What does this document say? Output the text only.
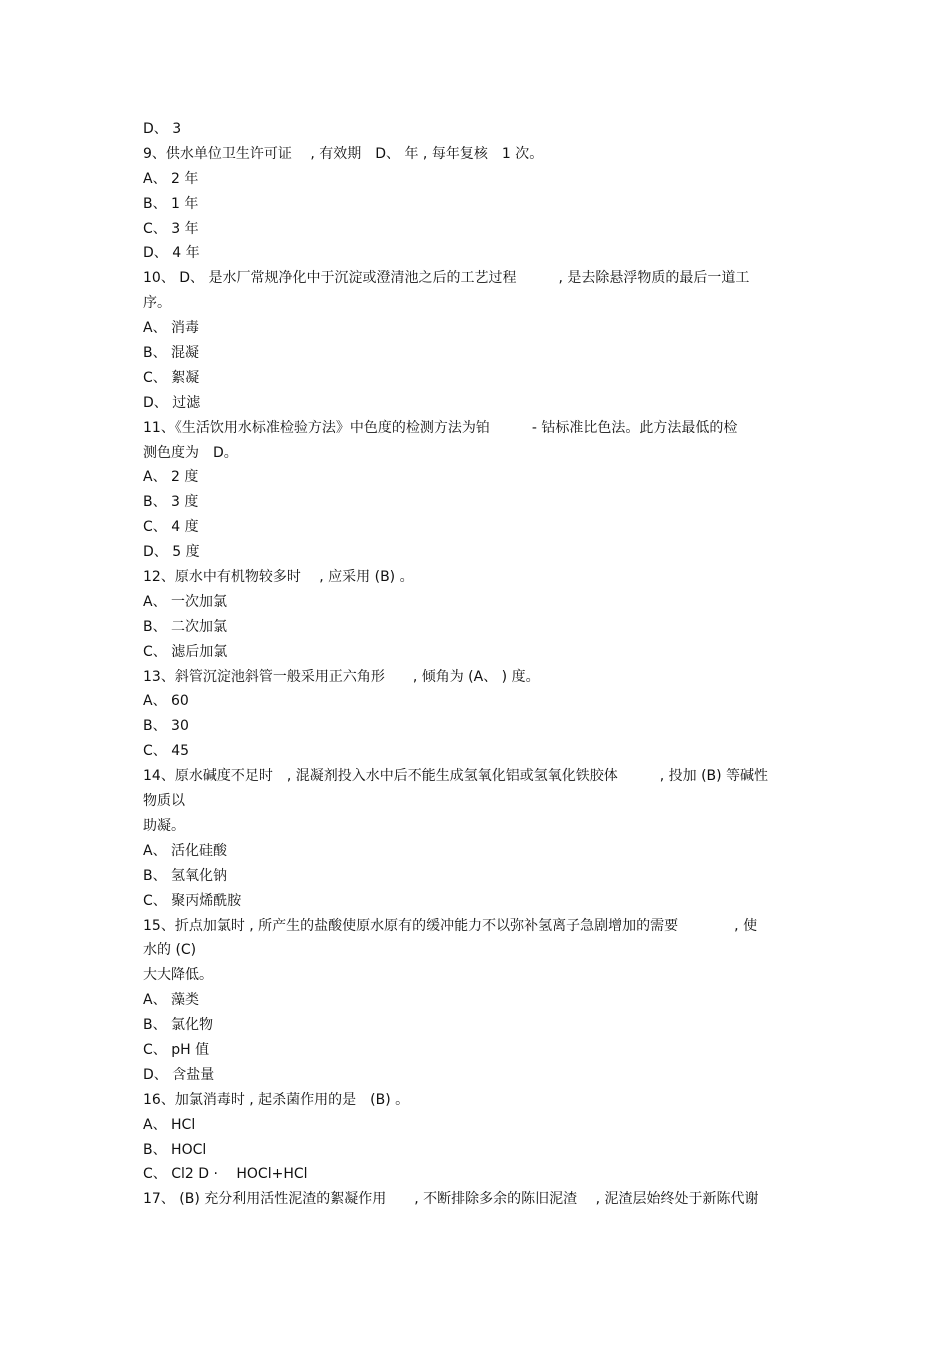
D、 3
9、供水单位卫生许可证　 , 有效期　D、 年 , 每年复核　1 次。
A、 2 年
B、 1 年
C、 3 年
D、 4 年
10、 D、 是水厂常规净化中于沉淀或澄清池之后的工艺过程　　　, 是去除悬浮物质的最后一道工
序。
A、 消毒
B、 混凝
C、 絮凝
D、 过滤
11、《生活饮用水标准检验方法》中色度的检测方法为铂　　　- 钴标准比色法。此方法最低的检
测色度为　D。
A、 2 度
B、 3 度
C、 4 度
D、 5 度
12、原水中有机物较多时　 , 应采用 (B) 。
A、 一次加氯
B、 二次加氯
C、 滤后加氯
13、斜管沉淀池斜管一般采用正六角形　　, 倾角为 (A、 ) 度。
A、 60
B、 30
C、 45
14、原水碱度不足时　, 混凝剂投入水中后不能生成氢氧化铝或氢氧化铁胶体　　　, 投加 (B) 等碱性
物质以
助凝。
A、 活化硅酸
B、 氢氧化钠
C、 聚丙烯酰胺
15、折点加氯时 , 所产生的盐酸使原水原有的缓冲能力不以弥补氢离子急剧增加的需要　　　　, 使
水的 (C)
大大降低。
A、 藻类
B、 氯化物
C、 pH 值
D、 含盐量
16、加氯消毒时 , 起杀菌作用的是　(B) 。
A、 HCl
B、 HOCl
C、 Cl2 D · 　HOCl+HCl
17、 (B) 充分利用活性泥渣的絮凝作用　　, 不断排除多余的陈旧泥渣　 , 泥渣层始终处于新陈代谢
